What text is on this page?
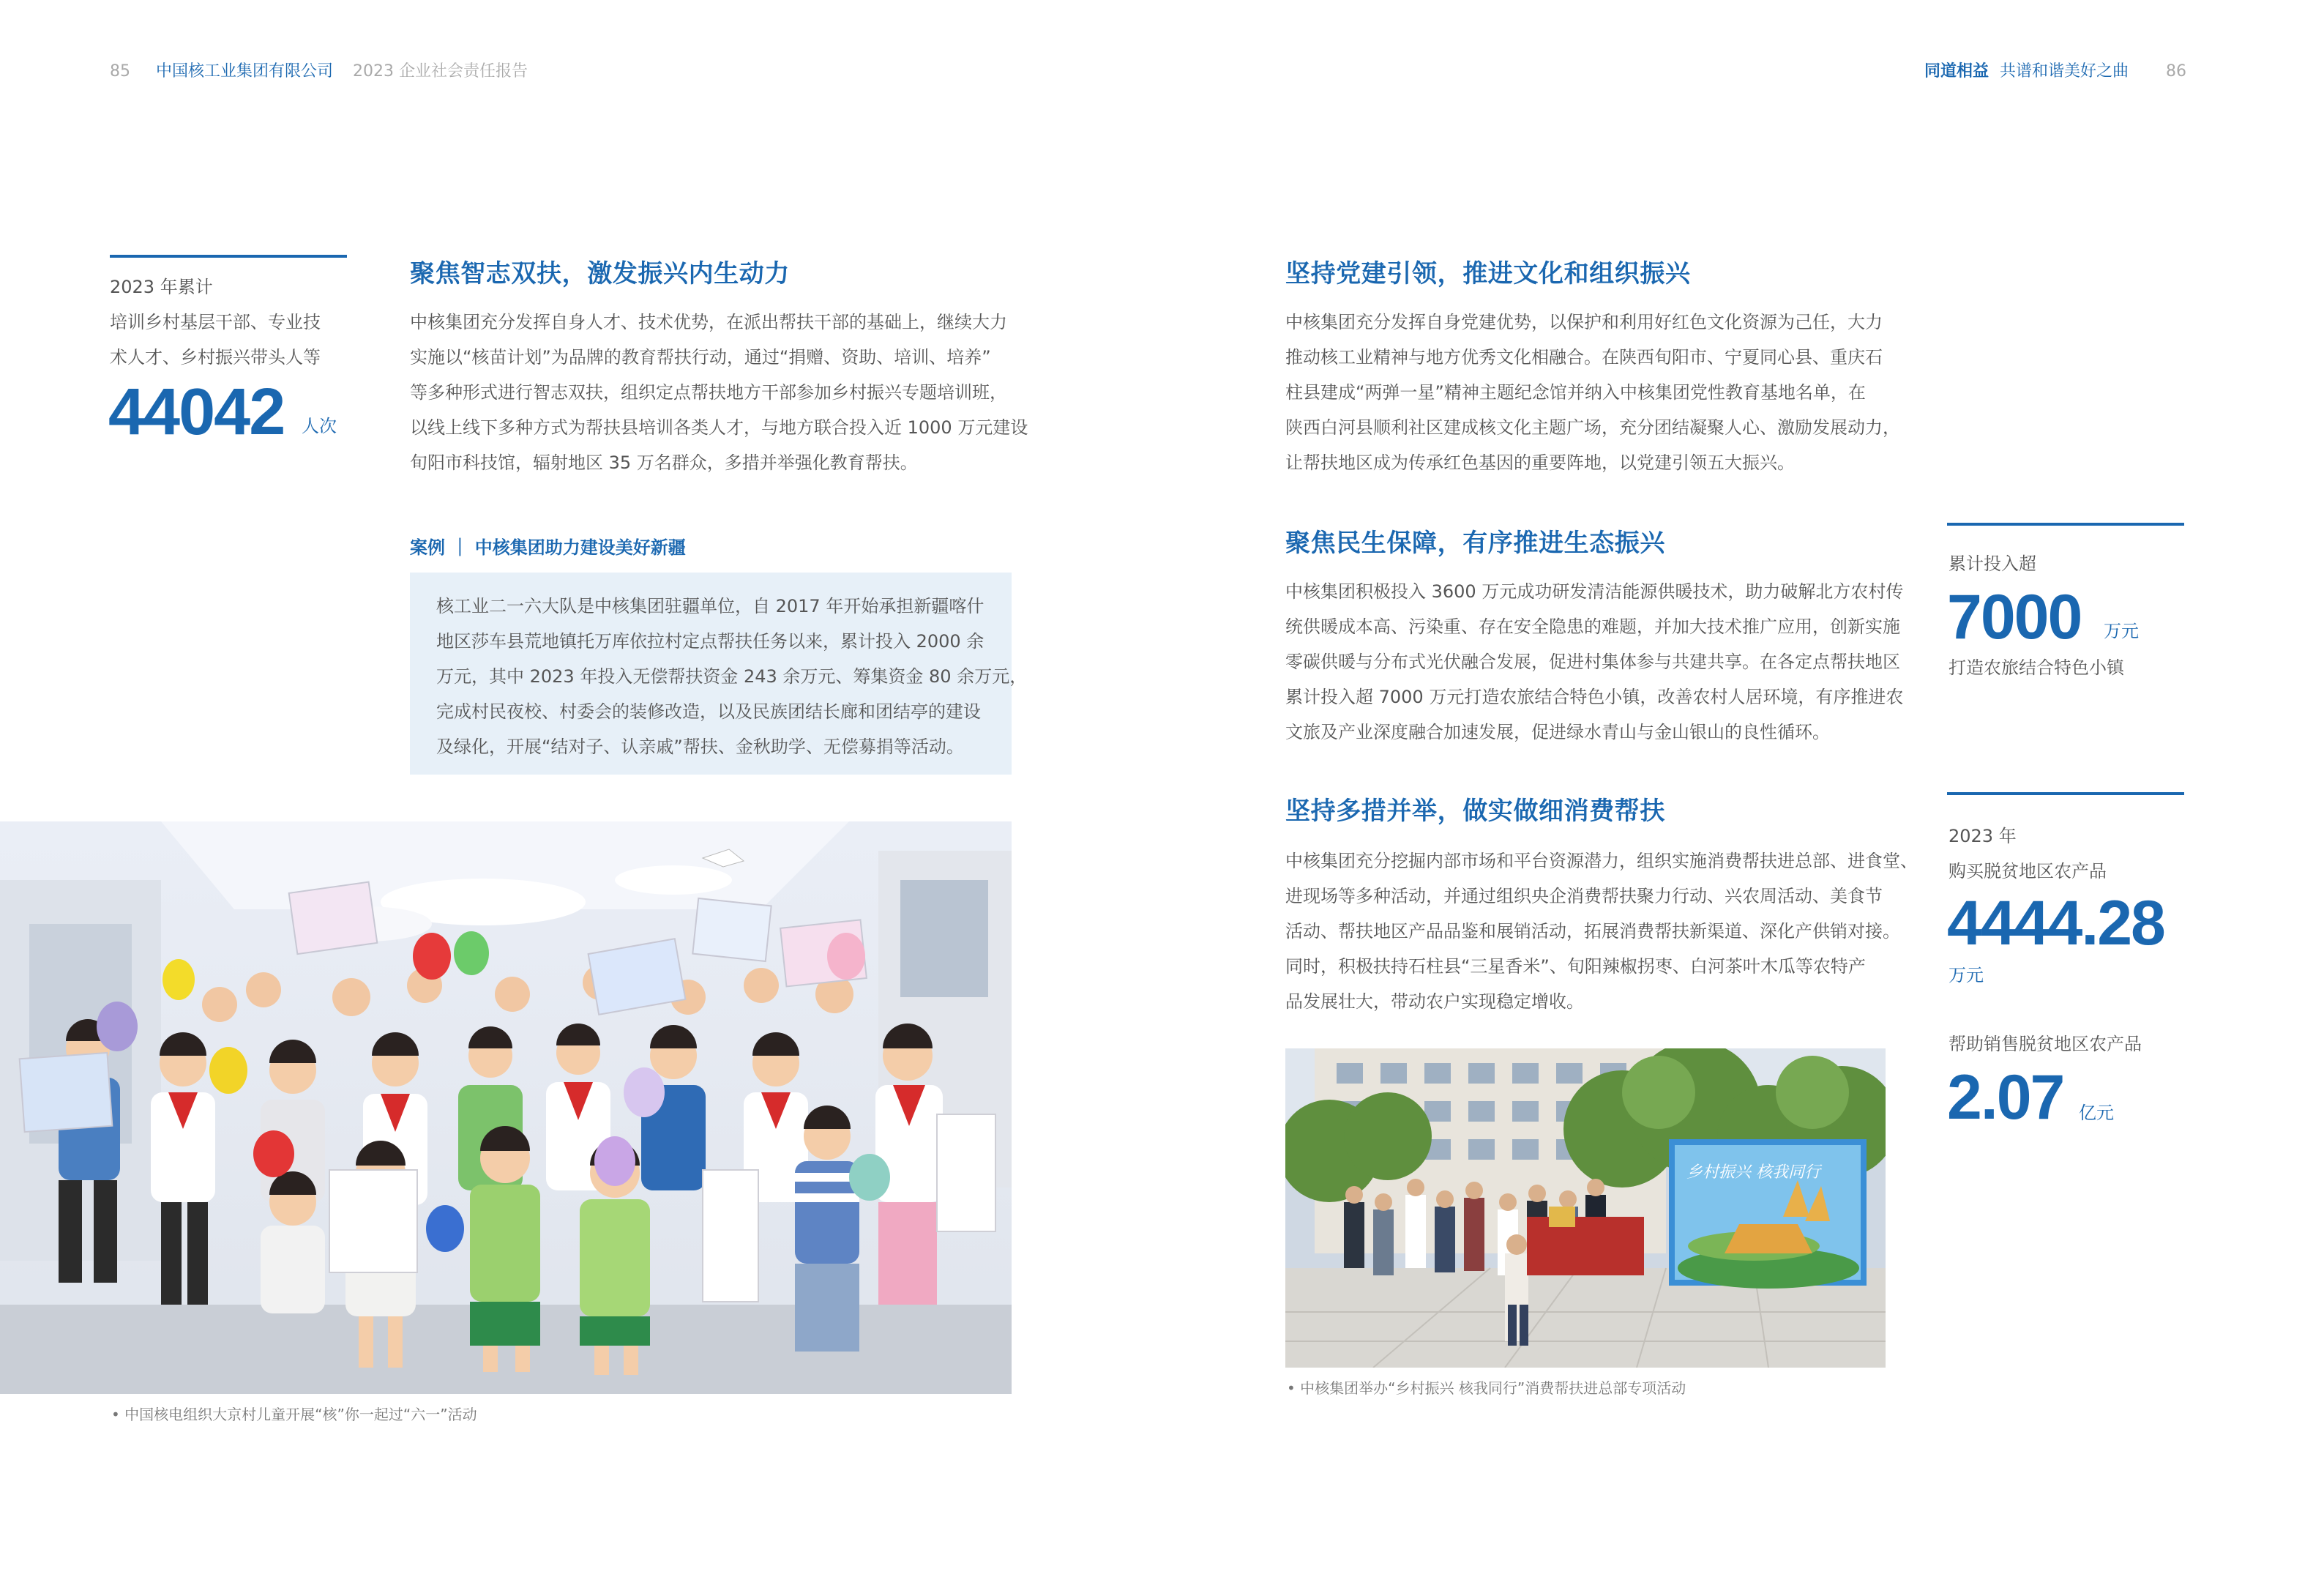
85	中国核工业集团有限公司 2023 企业社会责任报告	同道相益 共谱和谐美好之曲	86
2023 年累计
培训乡村基层干部、专业技
术人才、乡村振兴带头人等
44042 人次
聚焦智志双扶，激发振兴内生动力
中核集团充分发挥自身人才、技术优势，在派出帮扶干部的基础上，继续大力
实施以“核苗计划”为品牌的教育帮扶行动，通过“捐赠、资助、培训、培养”
等多种形式进行智志双扶，组织定点帮扶地方干部参加乡村振兴专题培训班，
以线上线下多种方式为帮扶县培训各类人才，与地方联合投入近 1000 万元建设
旬阳市科技馆，辐射地区 35 万名群众，多措并举强化教育帮扶。
案例 ｜ 中核集团助力建设美好新疆
核工业二一六大队是中核集团驻疆单位，自 2017 年开始承担新疆喀什
地区莎车县荒地镇托万库依拉村定点帮扶任务以来，累计投入 2000 余
万元，其中 2023 年投入无偿帮扶资金 243 余万元、筹集资金 80 余万元，
完成村民夜校、村委会的装修改造，以及民族团结长廊和团结亭的建设
及绿化，开展“结对子、认亲戚”帮扶、金秋助学、无偿募捐等活动。
• 中国核电组织大京村儿童开展“核”你一起过“六一”活动
坚持党建引领，推进文化和组织振兴
中核集团充分发挥自身党建优势，以保护和利用好红色文化资源为己任，大力
推动核工业精神与地方优秀文化相融合。在陕西旬阳市、宁夏同心县、重庆石
柱县建成“两弹一星”精神主题纪念馆并纳入中核集团党性教育基地名单，在
陕西白河县顺利社区建成核文化主题广场，充分团结凝聚人心、激励发展动力，
让帮扶地区成为传承红色基因的重要阵地，以党建引领五大振兴。
聚焦民生保障，有序推进生态振兴
中核集团积极投入 3600 万元成功研发清洁能源供暖技术，助力破解北方农村传
统供暖成本高、污染重、存在安全隐患的难题，并加大技术推广应用，创新实施
零碳供暖与分布式光伏融合发展，促进村集体参与共建共享。在各定点帮扶地区
累计投入超 7000 万元打造农旅结合特色小镇，改善农村人居环境，有序推进农
文旅及产业深度融合加速发展，促进绿水青山与金山银山的良性循环。
累计投入超
7000	万元
打造农旅结合特色小镇
坚持多措并举，做实做细消费帮扶
中核集团充分挖掘内部市场和平台资源潜力，组织实施消费帮扶进总部、进食堂、
进现场等多种活动，并通过组织央企消费帮扶聚力行动、兴农周活动、美食节
活动、帮扶地区产品品鉴和展销活动，拓展消费帮扶新渠道、深化产供销对接。
同时，积极扶持石柱县“三星香米”、旬阳辣椒拐枣、白河茶叶木瓜等农特产
品发展壮大，带动农户实现稳定增收。
2023 年
购买脱贫地区农产品
4444.28
万元
帮助销售脱贫地区农产品
2.07 亿元
乡村振兴 核我同行
• 中核集团举办“乡村振兴 核我同行”消费帮扶进总部专项活动
